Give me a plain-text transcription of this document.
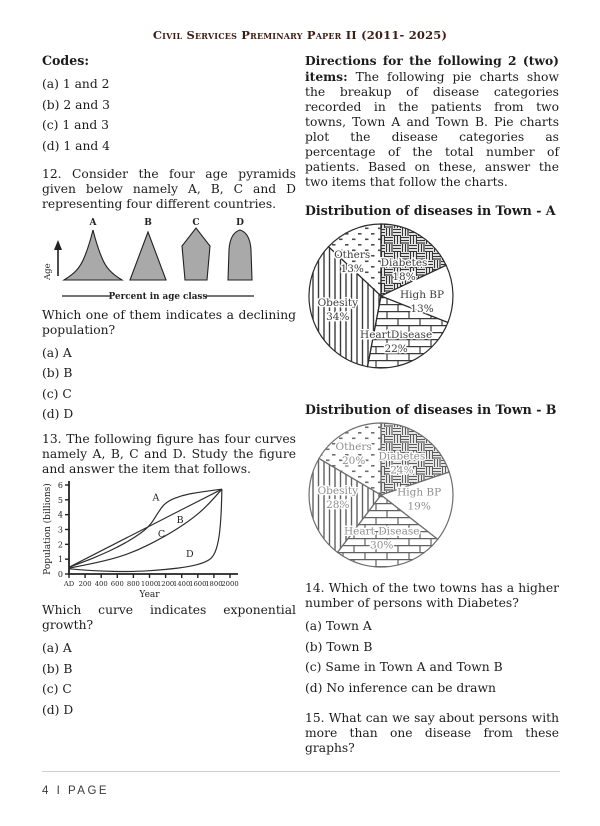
Civil Services Preminary Paper II (2011- 2025)

Codes:

(a) 1 and 2
(b) 2 and 3
(c) 1 and 3
(d) 1 and 4

12. Consider the four age pyramids given below namely A, B, C and D representing four different countries.

Age
A	B	C	D
Percent in age class

Which one of them indicates a declining population?

(a) A
(b) B
(c) C
(d) D

13. The following figure has four curves namely A, B, C and D. Study the figure and answer the item that follows.

0
1
2
3
4
5
6
AD 200 400 600 800 1000
1200
1400
1600
1800
2000
Population (billions)
Year
A
B
C
D

Which curve indicates exponential growth?

(a) A
(b) B
(c) C
(d) D

Directions for the following 2 (two) items: The following pie charts show the breakup of disease categories recorded in the patients from two towns, Town A and Town B. Pie charts plot the disease categories as percentage of the total number of patients. Based on these, answer the two items that follow the charts.

Distribution of diseases in Town - A

Diabetes
18%
High BP
13%
HeartDisease
22%
Obesity
34%
Others
13%

Distribution of diseases in Town - B

Diabetes
24%
High BP
19%
Heart Disease
30%
Obesity
28%
Others
20%

14. Which of the two towns has a higher number of persons with Diabetes?

(a) Town A
(b) Town B
(c) Same in Town A and Town B
(d) No inference can be drawn

15. What can we say about persons with more than one disease from these graphs?

4 I PAGE
